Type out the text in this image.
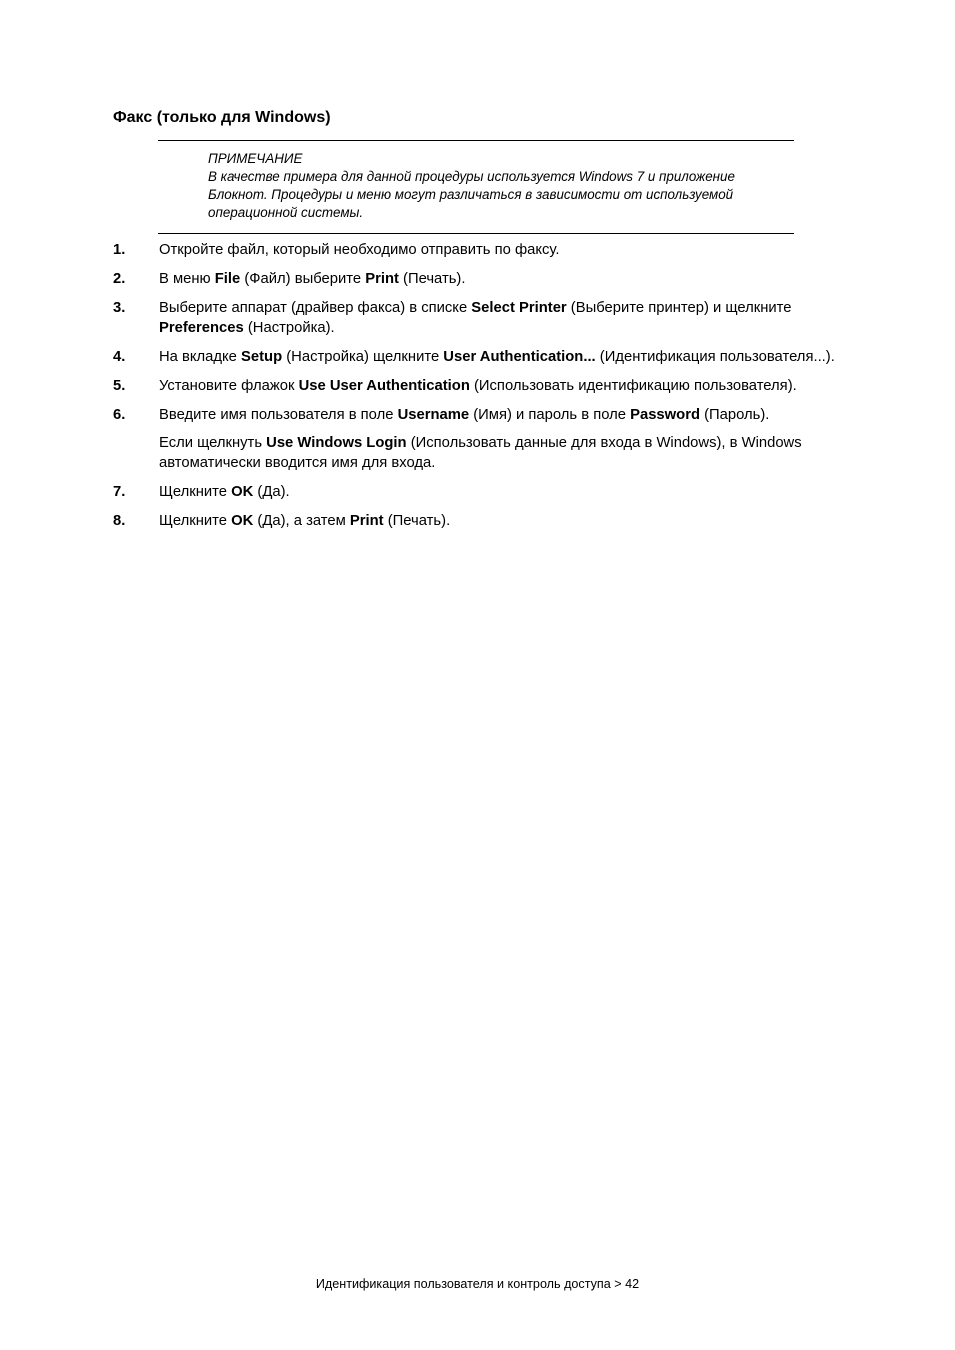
Факс (только для Windows)
ПРИМЕЧАНИЕ
В качестве примера для данной процедуры используется Windows 7 и приложение Блокнот. Процедуры и меню могут различаться в зависимости от используемой операционной системы.
1. Откройте файл, который необходимо отправить по факсу.
2. В меню File (Файл) выберите Print (Печать).
3. Выберите аппарат (драйвер факса) в списке Select Printer (Выберите принтер) и щелкните Preferences (Настройка).
4. На вкладке Setup (Настройка) щелкните User Authentication... (Идентификация пользователя...).
5. Установите флажок Use User Authentication (Использовать идентификацию пользователя).
6. Введите имя пользователя в поле Username (Имя) и пароль в поле Password (Пароль).
Если щелкнуть Use Windows Login (Использовать данные для входа в Windows), в Windows автоматически вводится имя для входа.
7. Щелкните OK (Да).
8. Щелкните OK (Да), а затем Print (Печать).
Идентификация пользователя и контроль доступа > 42
